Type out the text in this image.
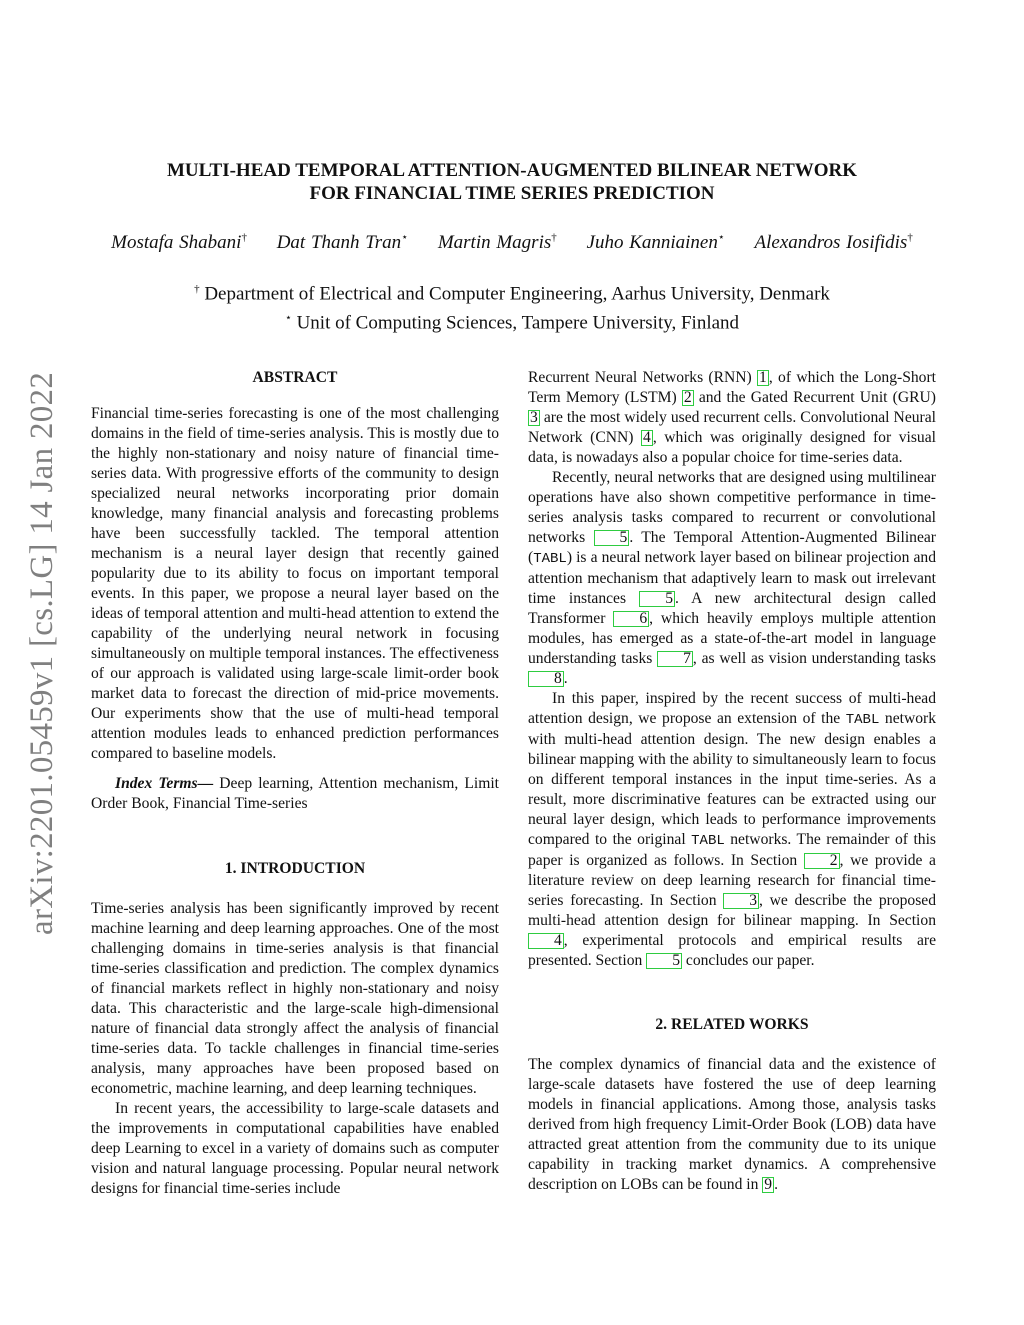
MULTI-HEAD TEMPORAL ATTENTION-AUGMENTED BILINEAR NETWORK
FOR FINANCIAL TIME SERIES PREDICTION
Mostafa Shabani† Dat Thanh Tran⋆ Martin Magris† Juho Kanniainen⋆ Alexandros Iosifidis†
† Department of Electrical and Computer Engineering, Aarhus University, Denmark
⋆ Unit of Computing Sciences, Tampere University, Finland
arXiv:2201.05459v1 [cs.LG] 14 Jan 2022	ABSTRACT

Financial time-series forecasting is one of the most challenging domains in the field of time-series analysis. This is mostly due to the highly non-stationary and noisy nature of financial time-series data. With progressive efforts of the community to design specialized neural networks incorporating prior domain knowledge, many financial analysis and forecasting problems have been successfully tackled. The temporal attention mechanism is a neural layer design that recently gained popularity due to its ability to focus on important temporal events. In this paper, we propose a neural layer based on the ideas of temporal attention and multi-head attention to extend the capability of the underlying neural network in focusing simultaneously on multiple temporal instances. The effectiveness of our approach is validated using large-scale limit-order book market data to forecast the direction of mid-price movements. Our experiments show that the use of multi-head temporal attention modules leads to enhanced prediction performances compared to baseline models.

Index Terms— Deep learning, Attention mechanism, Limit Order Book, Financial Time-series

1. INTRODUCTION

Time-series analysis has been significantly improved by recent machine learning and deep learning approaches. One of the most challenging domains in time-series analysis is that financial time-series classification and prediction. The complex dynamics of financial markets reflect in highly non-stationary and noisy data. This characteristic and the large-scale high-dimensional nature of financial data strongly affect the analysis of financial time-series data. To tackle challenges in financial time-series analysis, many approaches have been proposed based on econometric, machine learning, and deep learning techniques.

In recent years, the accessibility to large-scale datasets and the improvements in computational capabilities have enabled deep Learning to excel in a variety of domains such as computer vision and natural language processing. Popular neural network designs for financial time-series include

Recurrent Neural Networks (RNN) 1 , of which the Long-Short Term Memory (LSTM) 2 and the Gated Recurrent Unit (GRU) 3 are the most widely used recurrent cells. Convolutional Neural Network (CNN) 4 , which was originally designed for visual data, is nowadays also a popular choice for time-series data.

Recently, neural networks that are designed using multilinear operations have also shown competitive performance in time-series analysis tasks compared to recurrent or convolutional networks 5 . The Temporal Attention-Augmented Bilinear (TABL) is a neural network layer based on bilinear projection and attention mechanism that adaptively learn to mask out irrelevant time instances 5 . A new architectural design called Transformer 6 , which heavily employs multiple attention modules, has emerged as a state-of-the-art model in language understanding tasks 7 , as well as vision understanding tasks 8 .

In this paper, inspired by the recent success of multi-head attention design, we propose an extension of the TABL network with multi-head attention design. The new design enables a bilinear mapping with the ability to simultaneously learn to focus on different temporal instances in the input time-series. As a result, more discriminative features can be extracted using our neural layer design, which leads to performance improvements compared to the original TABL networks. The remainder of this paper is organized as follows. In Section 2 , we provide a literature review on deep learning research for financial time-series forecasting. In Section 3 , we describe the proposed multi-head attention design for bilinear mapping. In Section 4 , experimental protocols and empirical results are presented. Section 5 concludes our paper.

2. RELATED WORKS

The complex dynamics of financial data and the existence of large-scale datasets have fostered the use of deep learning models in financial applications. Among those, analysis tasks derived from high frequency Limit-Order Book (LOB) data have attracted great attention from the community due to its unique capability in tracking market dynamics. A comprehensive description on LOBs can be found in 9 .
